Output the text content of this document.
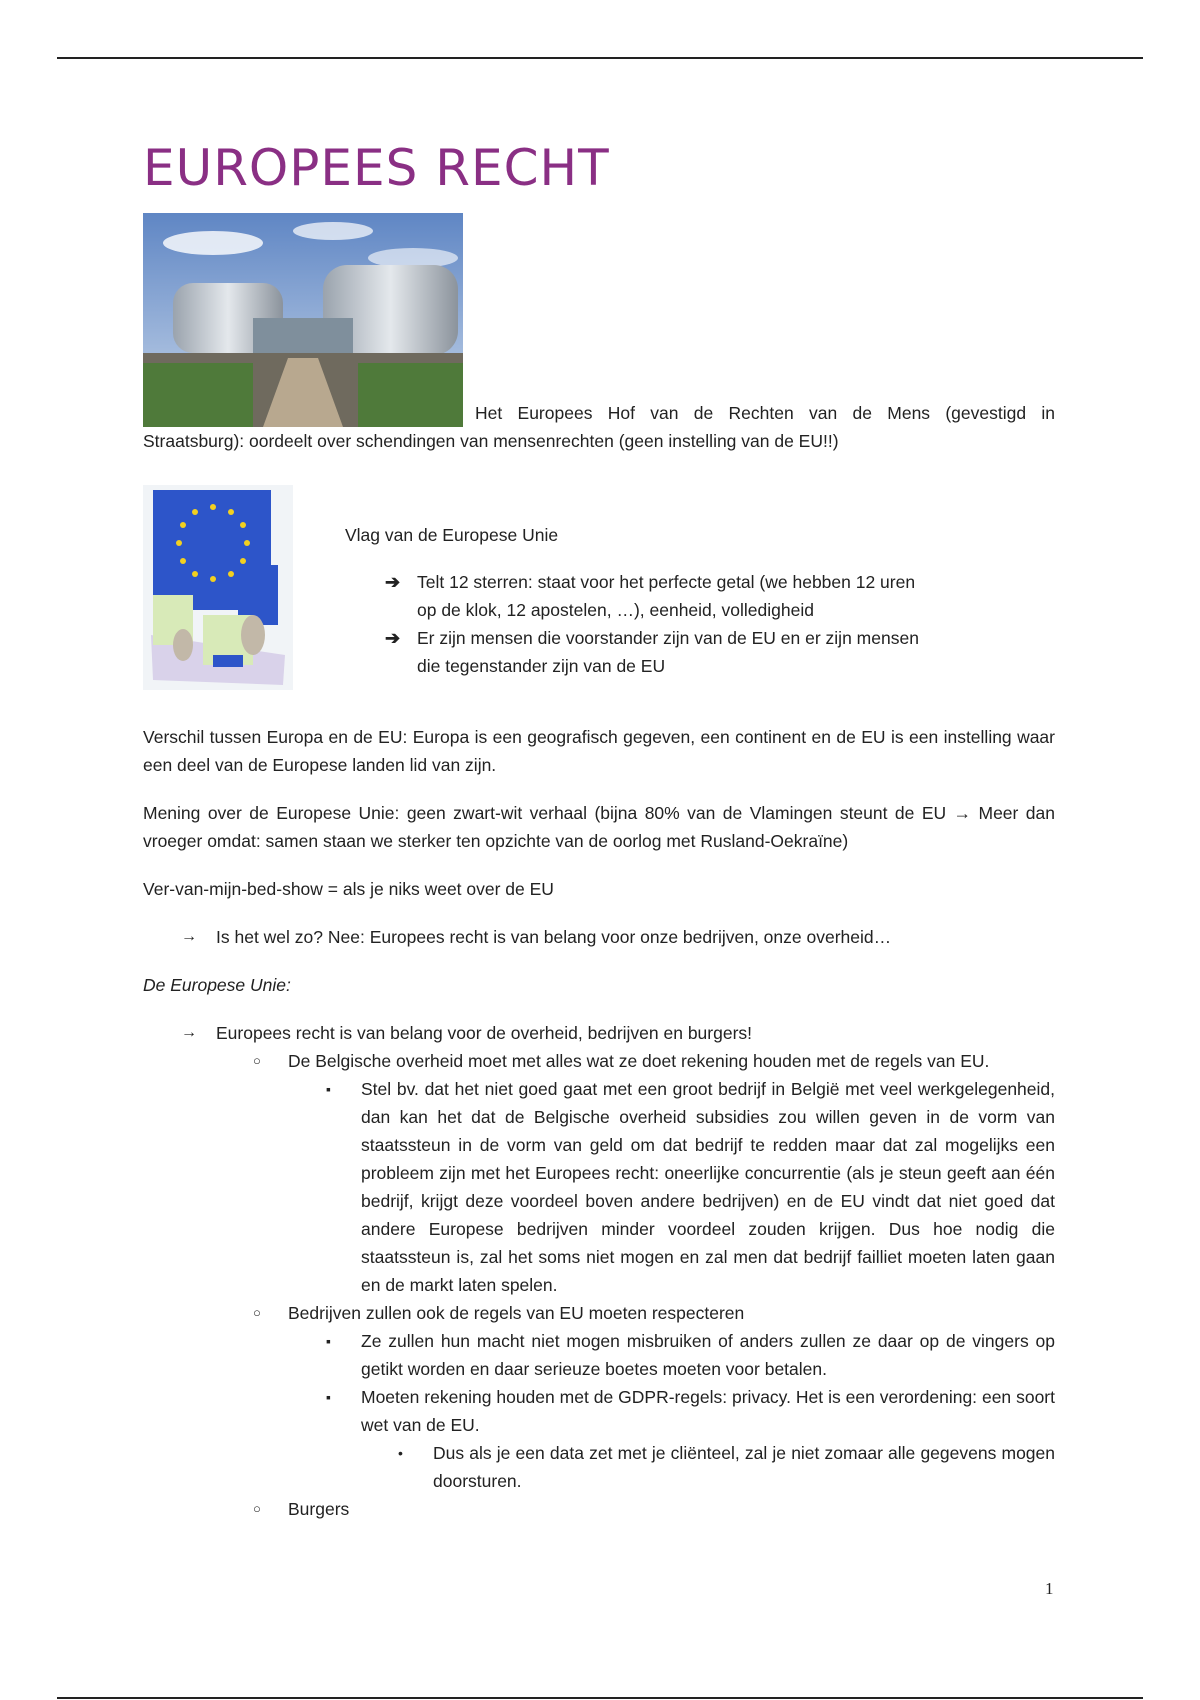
EUROPEES RECHT

Het Europees Hof van de Rechten van de Mens (gevestigd in Straatsburg): oordeelt over schendingen van mensenrechten (geen instelling van de EU!!)

Vlag van de Europese Unie

➔ Telt 12 sterren: staat voor het perfecte getal (we hebben 12 uren op de klok, 12 apostelen, …), eenheid, volledigheid
➔ Er zijn mensen die voorstander zijn van de EU en er zijn mensen die tegenstander zijn van de EU

Verschil tussen Europa en de EU: Europa is een geografisch gegeven, een continent en de EU is een instelling waar een deel van de Europese landen lid van zijn.

Mening over de Europese Unie: geen zwart-wit verhaal (bijna 80% van de Vlamingen steunt de EU → Meer dan vroeger omdat: samen staan we sterker ten opzichte van de oorlog met Rusland-Oekraïne)

Ver-van-mijn-bed-show = als je niks weet over de EU

→ Is het wel zo? Nee: Europees recht is van belang voor onze bedrijven, onze overheid…

De Europese Unie:

→ Europees recht is van belang voor de overheid, bedrijven en burgers!
○ De Belgische overheid moet met alles wat ze doet rekening houden met de regels van EU.
▪ Stel bv. dat het niet goed gaat met een groot bedrijf in België met veel werkgelegenheid, dan kan het dat de Belgische overheid subsidies zou willen geven in de vorm van staatssteun in de vorm van geld om dat bedrijf te redden maar dat zal mogelijks een probleem zijn met het Europees recht: oneerlijke concurrentie (als je steun geeft aan één bedrijf, krijgt deze voordeel boven andere bedrijven) en de EU vindt dat niet goed dat andere Europese bedrijven minder voordeel zouden krijgen. Dus hoe nodig die staatssteun is, zal het soms niet mogen en zal men dat bedrijf failliet moeten laten gaan en de markt laten spelen.
○ Bedrijven zullen ook de regels van EU moeten respecteren
▪ Ze zullen hun macht niet mogen misbruiken of anders zullen ze daar op de vingers op getikt worden en daar serieuze boetes moeten voor betalen.
▪ Moeten rekening houden met de GDPR-regels: privacy. Het is een verordening: een soort wet van de EU.
• Dus als je een data zet met je cliënteel, zal je niet zomaar alle gegevens mogen doorsturen.
○ Burgers
1
